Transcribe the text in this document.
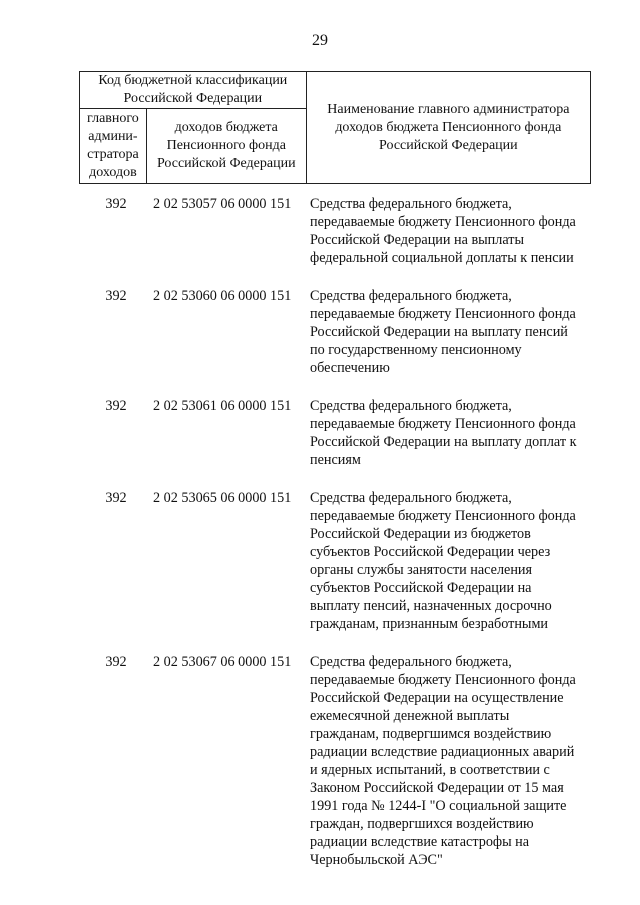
29
Код бюджетной классификации Российской Федерации		Наименование главного администратора доходов бюджета Пенсионного фонда Российской Федерации
главного админи-стратора доходов	доходов бюджета Пенсионного фонда Российской Федерации	
392	2 02 53057 06 0000 151 Средства федерального бюджета,
передаваемые бюджету Пенсионного фонда
Российской Федерации на выплаты
федеральной социальной доплаты к пенсии
392	2 02 53060 06 0000 151 Средства федерального бюджета,
передаваемые бюджету Пенсионного фонда
Российской Федерации на выплату пенсий
по государственному пенсионному
обеспечению
392	2 02 53061 06 0000 151 Средства федерального бюджета,
передаваемые бюджету Пенсионного фонда
Российской Федерации на выплату доплат к
пенсиям
392	2 02 53065 06 0000 151 Средства федерального бюджета,
передаваемые бюджету Пенсионного фонда
Российской Федерации из бюджетов
субъектов Российской Федерации через
органы службы занятости населения
субъектов Российской Федерации на
выплату пенсий, назначенных досрочно
гражданам, признанным безработными
392	2 02 53067 06 0000 151 Средства федерального бюджета,
передаваемые бюджету Пенсионного фонда
Российской Федерации на осуществление
ежемесячной денежной выплаты
гражданам, подвергшимся воздействию
радиации вследствие радиационных аварий
и ядерных испытаний, в соответствии с
Законом Российской Федерации от 15 мая
1991 года № 1244-I "О социальной защите
граждан, подвергшихся воздействию
радиации вследствие катастрофы на
Чернобыльской АЭС"
